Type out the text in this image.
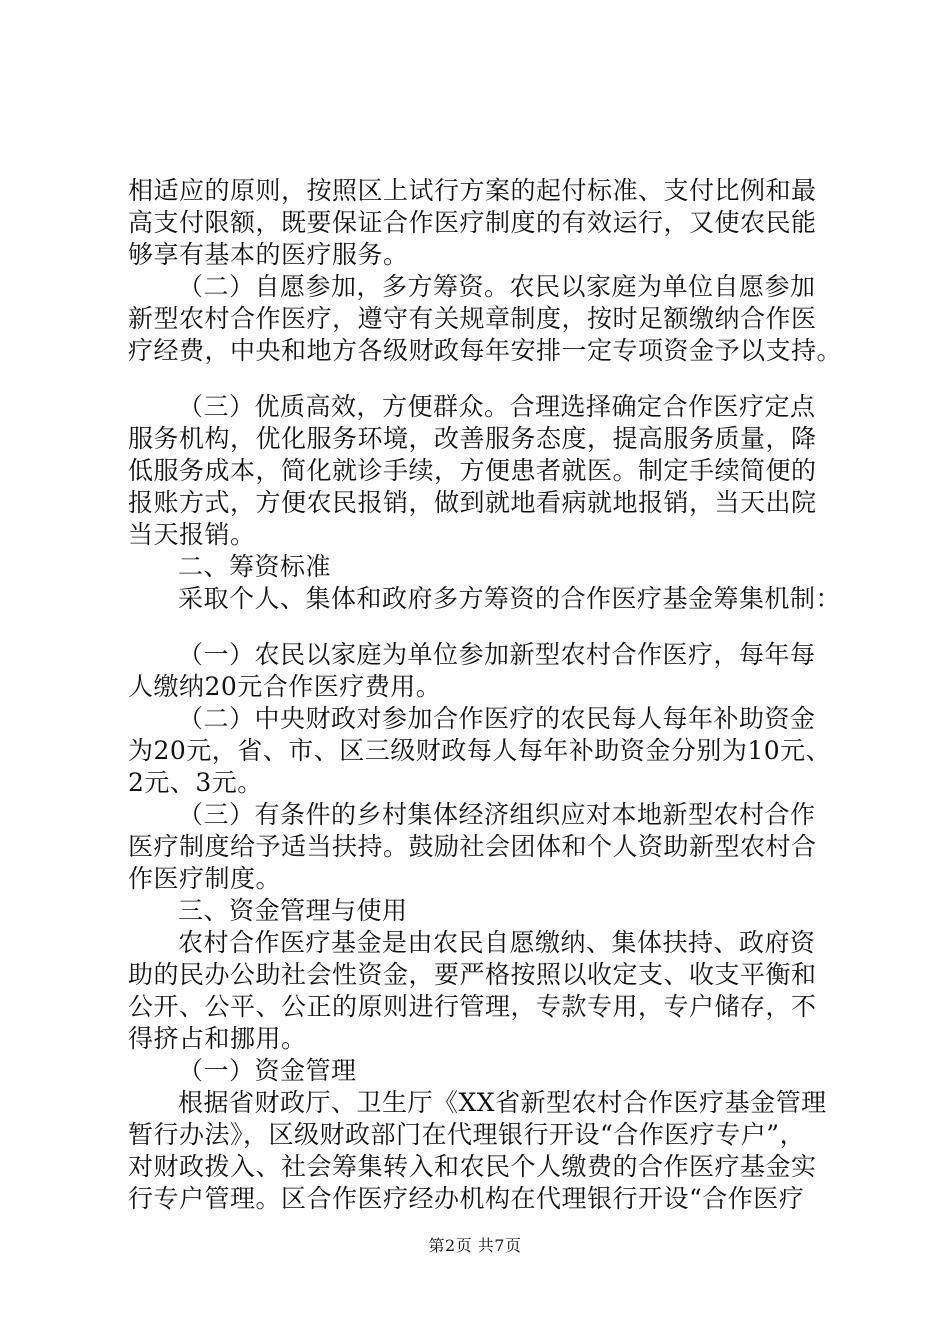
相适应的原则，按照区上试行方案的起付标准、支付比例和最
高支付限额，既要保证合作医疗制度的有效运行，又使农民能
够享有基本的医疗服务。
（二）自愿参加，多方筹资。农民以家庭为单位自愿参加
新型农村合作医疗，遵守有关规章制度，按时足额缴纳合作医
疗经费，中央和地方各级财政每年安排一定专项资金予以支持。
（三）优质高效，方便群众。合理选择确定合作医疗定点
服务机构，优化服务环境，改善服务态度，提高服务质量，降
低服务成本，简化就诊手续，方便患者就医。制定手续简便的
报账方式，方便农民报销，做到就地看病就地报销，当天出院
当天报销。
二、筹资标准
采取个人、集体和政府多方筹资的合作医疗基金筹集机制：
（一）农民以家庭为单位参加新型农村合作医疗，每年每
人缴纳20元合作医疗费用。
（二）中央财政对参加合作医疗的农民每人每年补助资金
为20元，省、市、区三级财政每人每年补助资金分别为10元、
2元、3元。
（三）有条件的乡村集体经济组织应对本地新型农村合作
医疗制度给予适当扶持。鼓励社会团体和个人资助新型农村合
作医疗制度。
三、资金管理与使用
农村合作医疗基金是由农民自愿缴纳、集体扶持、政府资
助的民办公助社会性资金，要严格按照以收定支、收支平衡和
公开、公平、公正的原则进行管理，专款专用，专户储存，不
得挤占和挪用。
（一）资金管理
根据省财政厅、卫生厅《XX省新型农村合作医疗基金管理
暂行办法》，区级财政部门在代理银行开设“合作医疗专户”，
对财政拨入、社会筹集转入和农民个人缴费的合作医疗基金实
行专户管理。区合作医疗经办机构在代理银行开设“合作医疗
第2页 共7页
